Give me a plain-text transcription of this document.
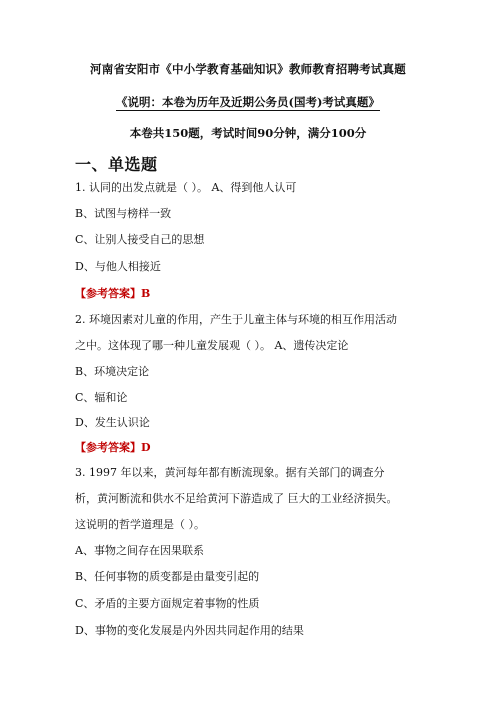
河南省安阳市《中小学教育基础知识》教师教育招聘考试真题
《说明：本卷为历年及近期公务员(国考)考试真题》
本卷共150题，考试时间90分钟，满分100分
一、单选题
1. 认同的出发点就是（ ）。 A、得到他人认可
B、试图与榜样一致
C、让别人接受自己的思想
D、与他人相接近
【参考答案】B
2. 环境因素对儿童的作用，产生于儿童主体与环境的相互作用活动
之中。这体现了哪一种儿童发展观（ ）。 A、遗传决定论
B、环境决定论
C、辐和论
D、发生认识论
【参考答案】D
3. 1997 年以来，黄河每年都有断流现象。据有关部门的调查分
析，黄河断流和供水不足给黄河下游造成了 巨大的工业经济损失。
这说明的哲学道理是（ ）。
A、事物之间存在因果联系
B、任何事物的质变都是由量变引起的
C、矛盾的主要方面规定着事物的性质
D、事物的变化发展是内外因共同起作用的结果
